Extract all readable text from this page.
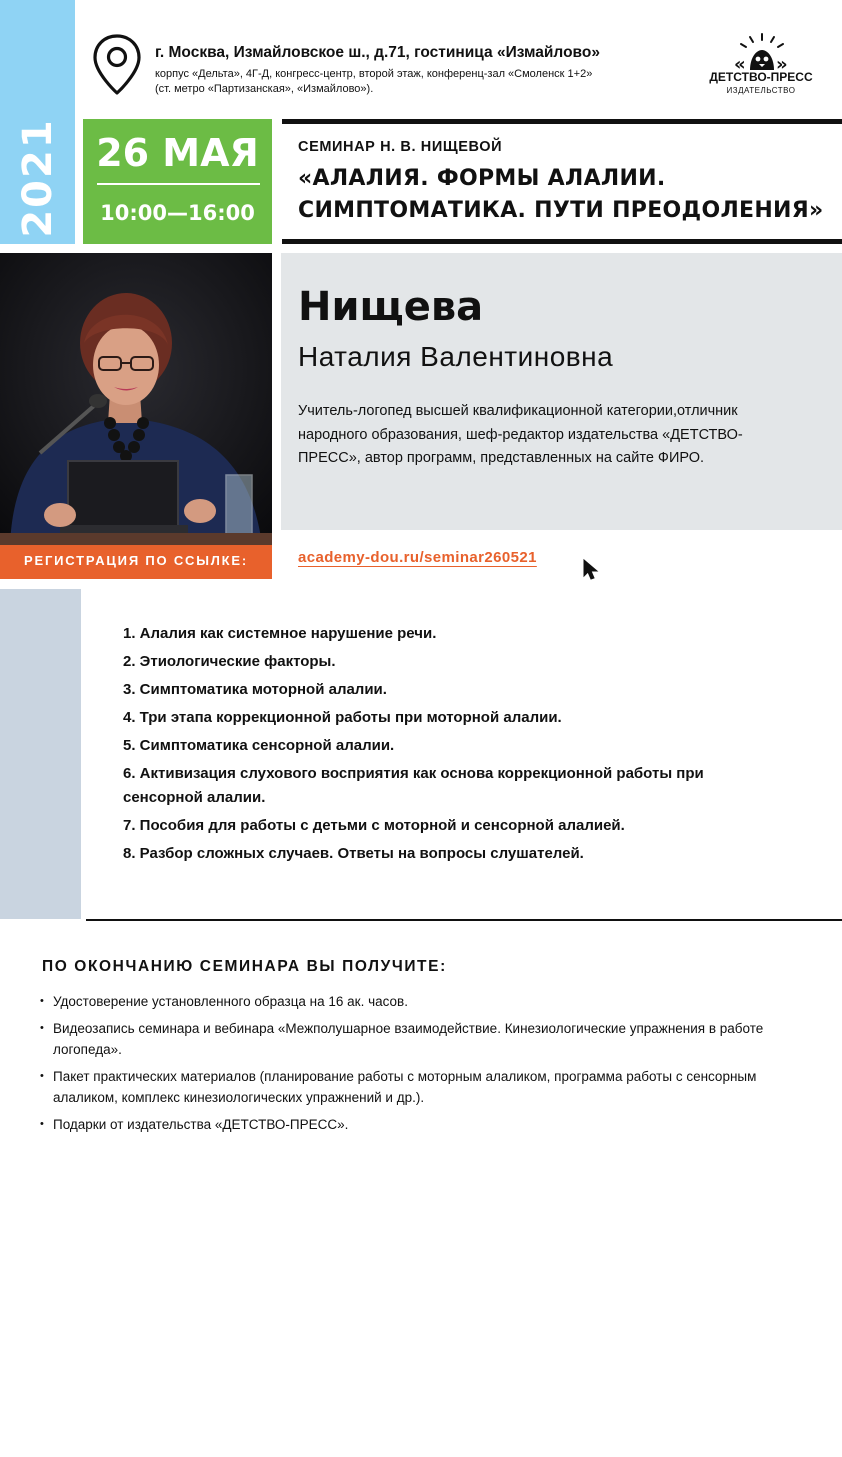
2021
г. Москва, Измайловское ш., д.71, гостиница «Измайлово»
корпус «Дельта», 4Г-Д, конгресс-центр, второй этаж, конференц-зал «Смоленск 1+2»
(ст. метро «Партизанская», «Измайлово»).
« »
ДЕТСТВО-ПРЕСС
ИЗДАТЕЛЬСТВО
26 МАЯ
10:00—16:00
СЕМИНАР Н. В. НИЩЕВОЙ
«АЛАЛИЯ. ФОРМЫ АЛАЛИИ.
СИМПТОМАТИКА. ПУТИ ПРЕОДОЛЕНИЯ»
Нищева
Наталия Валентиновна
Учитель-логопед высшей квалификационной категории,отличник народного образования, шеф-редактор издательства «ДЕТСТВО-ПРЕСС», автор программ, представленных на сайте ФИРО.
РЕГИСТРАЦИЯ ПО ССЫЛКЕ:	academy-dou.ru/seminar260521
ПЛАН СЕМИНАРА
1. Алалия как системное нарушение речи.
2. Этиологические факторы.
3. Симптоматика моторной алалии.
4. Три этапа коррекционной работы при моторной алалии.
5. Симптоматика сенсорной алалии.
6. Активизация слухового восприятия как основа коррекционной работы при сенсорной алалии.
7. Пособия для работы с детьми с моторной и сенсорной алалией.
8. Разбор сложных случаев. Ответы на вопросы слушателей.
ПО ОКОНЧАНИЮ СЕМИНАРА ВЫ ПОЛУЧИТЕ:
• Удостоверение установленного образца на 16 ак. часов.
• Видеозапись семинара и вебинара «Межполушарное взаимодействие. Кинезиологические упражнения в работе логопеда».
• Пакет практических материалов (планирование работы с моторным алаликом, программа работы с сенсорным алаликом, комплекс кинезиологических упражнений и др.).
• Подарки от издательства «ДЕТСТВО-ПРЕСС».
